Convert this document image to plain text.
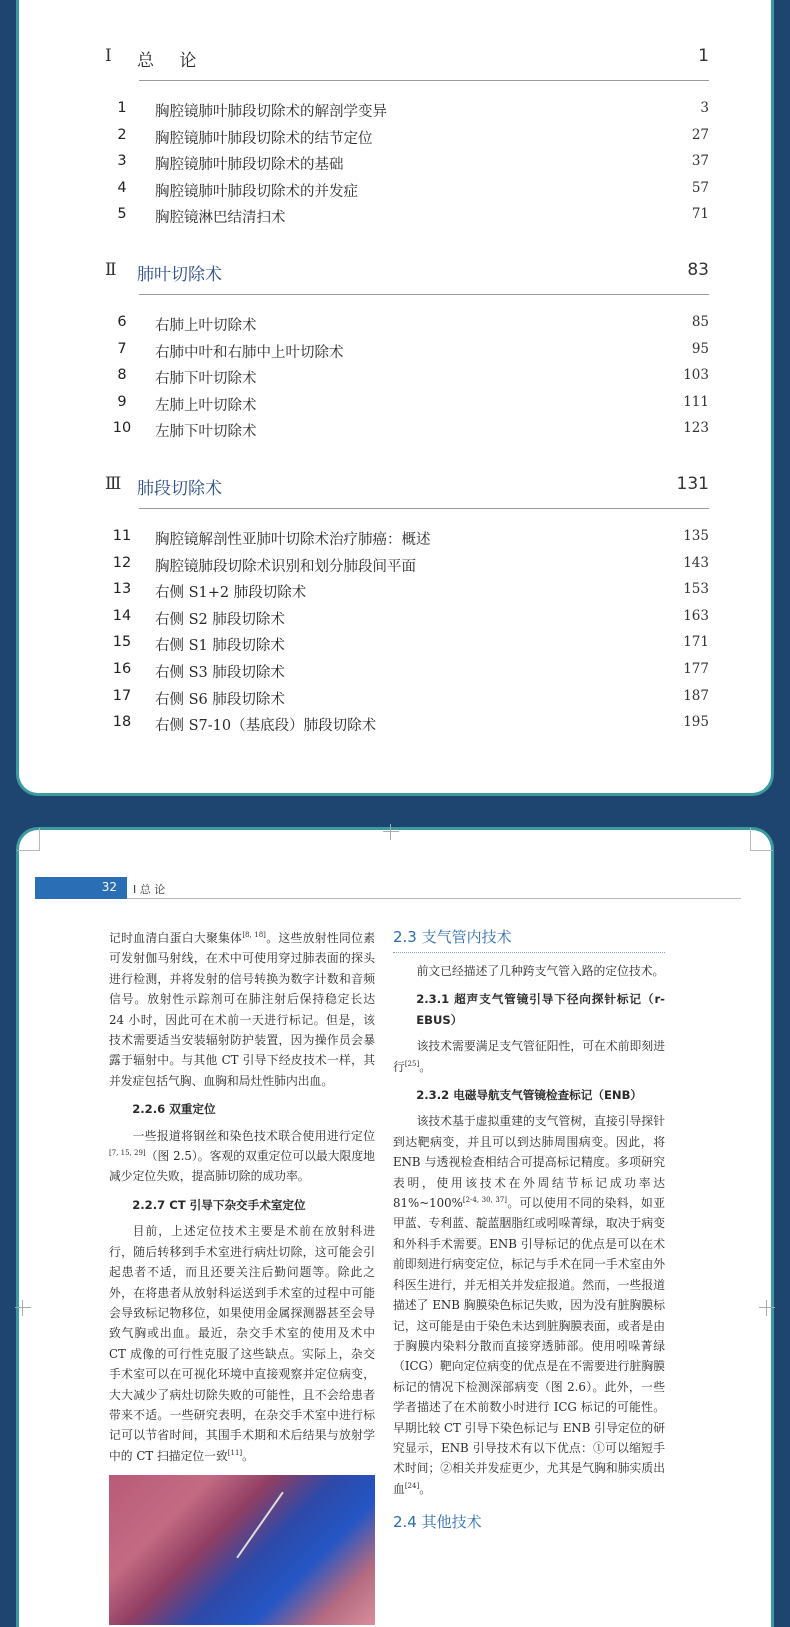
Ⅰ 总 论	1
1	胸腔镜肺叶肺段切除术的解剖学变异	3
2	胸腔镜肺叶肺段切除术的结节定位	27
3	胸腔镜肺叶肺段切除术的基础	37
4	胸腔镜肺叶肺段切除术的并发症	57
5	胸腔镜淋巴结清扫术	71
Ⅱ 肺叶切除术	83
6	右肺上叶切除术	85
7	右肺中叶和右肺中上叶切除术	95
8	右肺下叶切除术	103
9	左肺上叶切除术	111
10	左肺下叶切除术	123
Ⅲ 肺段切除术	131
11	胸腔镜解剖性亚肺叶切除术治疗肺癌：概述	135
12	胸腔镜肺段切除术识别和划分肺段间平面	143
13	右侧 S1+2 肺段切除术	153
14	右侧 S2 肺段切除术	163
15	右侧 S1 肺段切除术	171
16	右侧 S3 肺段切除术	177
17	右侧 S6 肺段切除术	187
18	右侧 S7-10（基底段）肺段切除术	195
32 Ⅰ 总 论

记时血清白蛋白大聚集体[8, 18]。这些放射性同位素可发射伽马射线，在术中可使用穿过肺表面的探头进行检测，并将发射的信号转换为数字计数和音频信号。放射性示踪剂可在肺注射后保持稳定长达 24 小时，因此可在术前一天进行标记。但是，该技术需要适当安装辐射防护装置，因为操作员会暴露于辐射中。与其他 CT 引导下经皮技术一样，其并发症包括气胸、血胸和局灶性肺内出血。

2.2.6 双重定位

一些报道将钢丝和染色技术联合使用进行定位[7, 15, 29]（图 2.5）。客观的双重定位可以最大限度地减少定位失败，提高肺切除的成功率。

2.2.7 CT 引导下杂交手术室定位

目前，上述定位技术主要是术前在放射科进行，随后转移到手术室进行病灶切除，这可能会引起患者不适，而且还要关注后勤问题等。除此之外，在将患者从放射科运送到手术室的过程中可能会导致标记物移位，如果使用金属探测器甚至会导致气胸或出血。最近，杂交手术室的使用及术中 CT 成像的可行性克服了这些缺点。实际上，杂交手术室可以在可视化环境中直接观察并定位病变，大大减少了病灶切除失败的可能性，且不会给患者带来不适。一些研究表明，在杂交手术室中进行标记可以节省时间，其围手术期和术后结果与放射学中的 CT 扫描定位一致[11]。

2.3 支气管内技术

前文已经描述了几种跨支气管入路的定位技术。

2.3.1 超声支气管镜引导下径向探针标记（r-EBUS）

该技术需要满足支气管征阳性，可在术前即刻进行[25]。

2.3.2 电磁导航支气管镜检查标记（ENB）

该技术基于虚拟重建的支气管树，直接引导探针到达靶病变，并且可以到达肺周围病变。因此，将 ENB 与透视检查相结合可提高标记精度。多项研究表明，使用该技术在外周结节标记成功率达 81%~100%[2-4, 30, 37]。可以使用不同的染料，如亚甲蓝、专利蓝、靛蓝胭脂红或吲哚菁绿，取决于病变和外科手术需要。ENB 引导标记的优点是可以在术前即刻进行病变定位，标记与手术在同一手术室由外科医生进行，并无相关并发症报道。然而，一些报道描述了 ENB 胸膜染色标记失败，因为没有脏胸膜标记，这可能是由于染色未达到脏胸膜表面，或者是由于胸膜内染料分散而直接穿透肺部。使用吲哚菁绿（ICG）靶向定位病变的优点是在不需要进行脏胸膜标记的情况下检测深部病变（图 2.6）。此外，一些学者描述了在术前数小时进行 ICG 标记的可能性。早期比较 CT 引导下染色标记与 ENB 引导定位的研究显示，ENB 引导技术有以下优点：①可以缩短手术时间；②相关并发症更少，尤其是气胸和肺实质出血[24]。

2.4 其他技术
